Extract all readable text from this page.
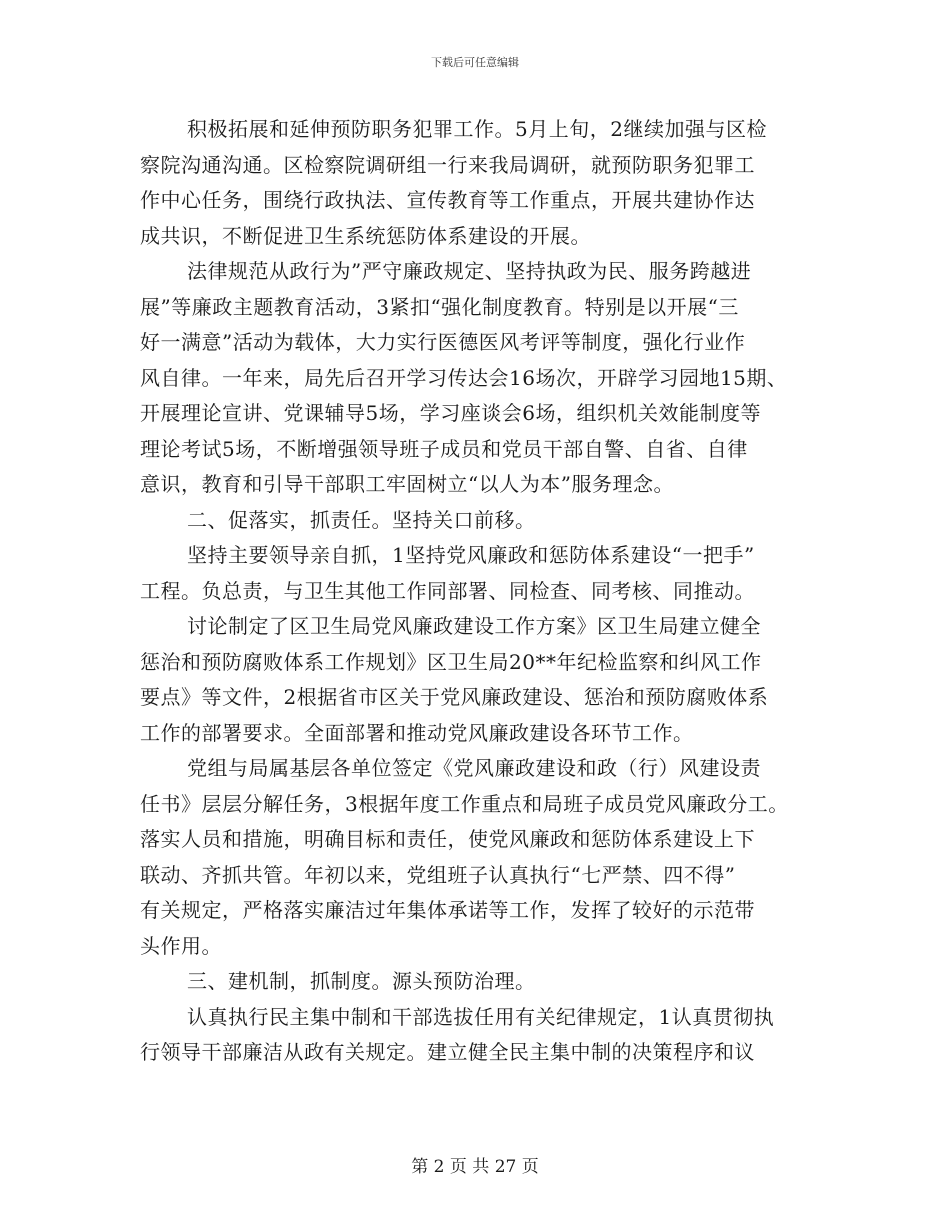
下载后可任意编辑
积极拓展和延伸预防职务犯罪工作。5月上旬，2继续加强与区检
察院沟通沟通。区检察院调研组一行来我局调研，就预防职务犯罪工
作中心任务，围绕行政执法、宣传教育等工作重点，开展共建协作达
成共识，不断促进卫生系统惩防体系建设的开展。
法律规范从政行为”严守廉政规定、坚持执政为民、服务跨越进
展”等廉政主题教育活动，3紧扣“强化制度教育。特别是以开展“三
好一满意”活动为载体，大力实行医德医风考评等制度，强化行业作
风自律。一年来，局先后召开学习传达会16场次，开辟学习园地15期、
开展理论宣讲、党课辅导5场，学习座谈会6场，组织机关效能制度等
理论考试5场，不断增强领导班子成员和党员干部自警、自省、自律
意识，教育和引导干部职工牢固树立“以人为本”服务理念。
二、促落实，抓责任。坚持关口前移。
坚持主要领导亲自抓，1坚持党风廉政和惩防体系建设“一把手”
工程。负总责，与卫生其他工作同部署、同检查、同考核、同推动。
讨论制定了区卫生局党风廉政建设工作方案》区卫生局建立健全
惩治和预防腐败体系工作规划》区卫生局20**年纪检监察和纠风工作
要点》等文件，2根据省市区关于党风廉政建设、惩治和预防腐败体系
工作的部署要求。全面部署和推动党风廉政建设各环节工作。
党组与局属基层各单位签定《党风廉政建设和政（行）风建设责
任书》层层分解任务，3根据年度工作重点和局班子成员党风廉政分工。
落实人员和措施，明确目标和责任，使党风廉政和惩防体系建设上下
联动、齐抓共管。年初以来，党组班子认真执行“七严禁、四不得”
有关规定，严格落实廉洁过年集体承诺等工作，发挥了较好的示范带
头作用。
三、建机制，抓制度。源头预防治理。
认真执行民主集中制和干部选拔任用有关纪律规定，1认真贯彻执
行领导干部廉洁从政有关规定。建立健全民主集中制的决策程序和议
第 2 页 共 27 页
